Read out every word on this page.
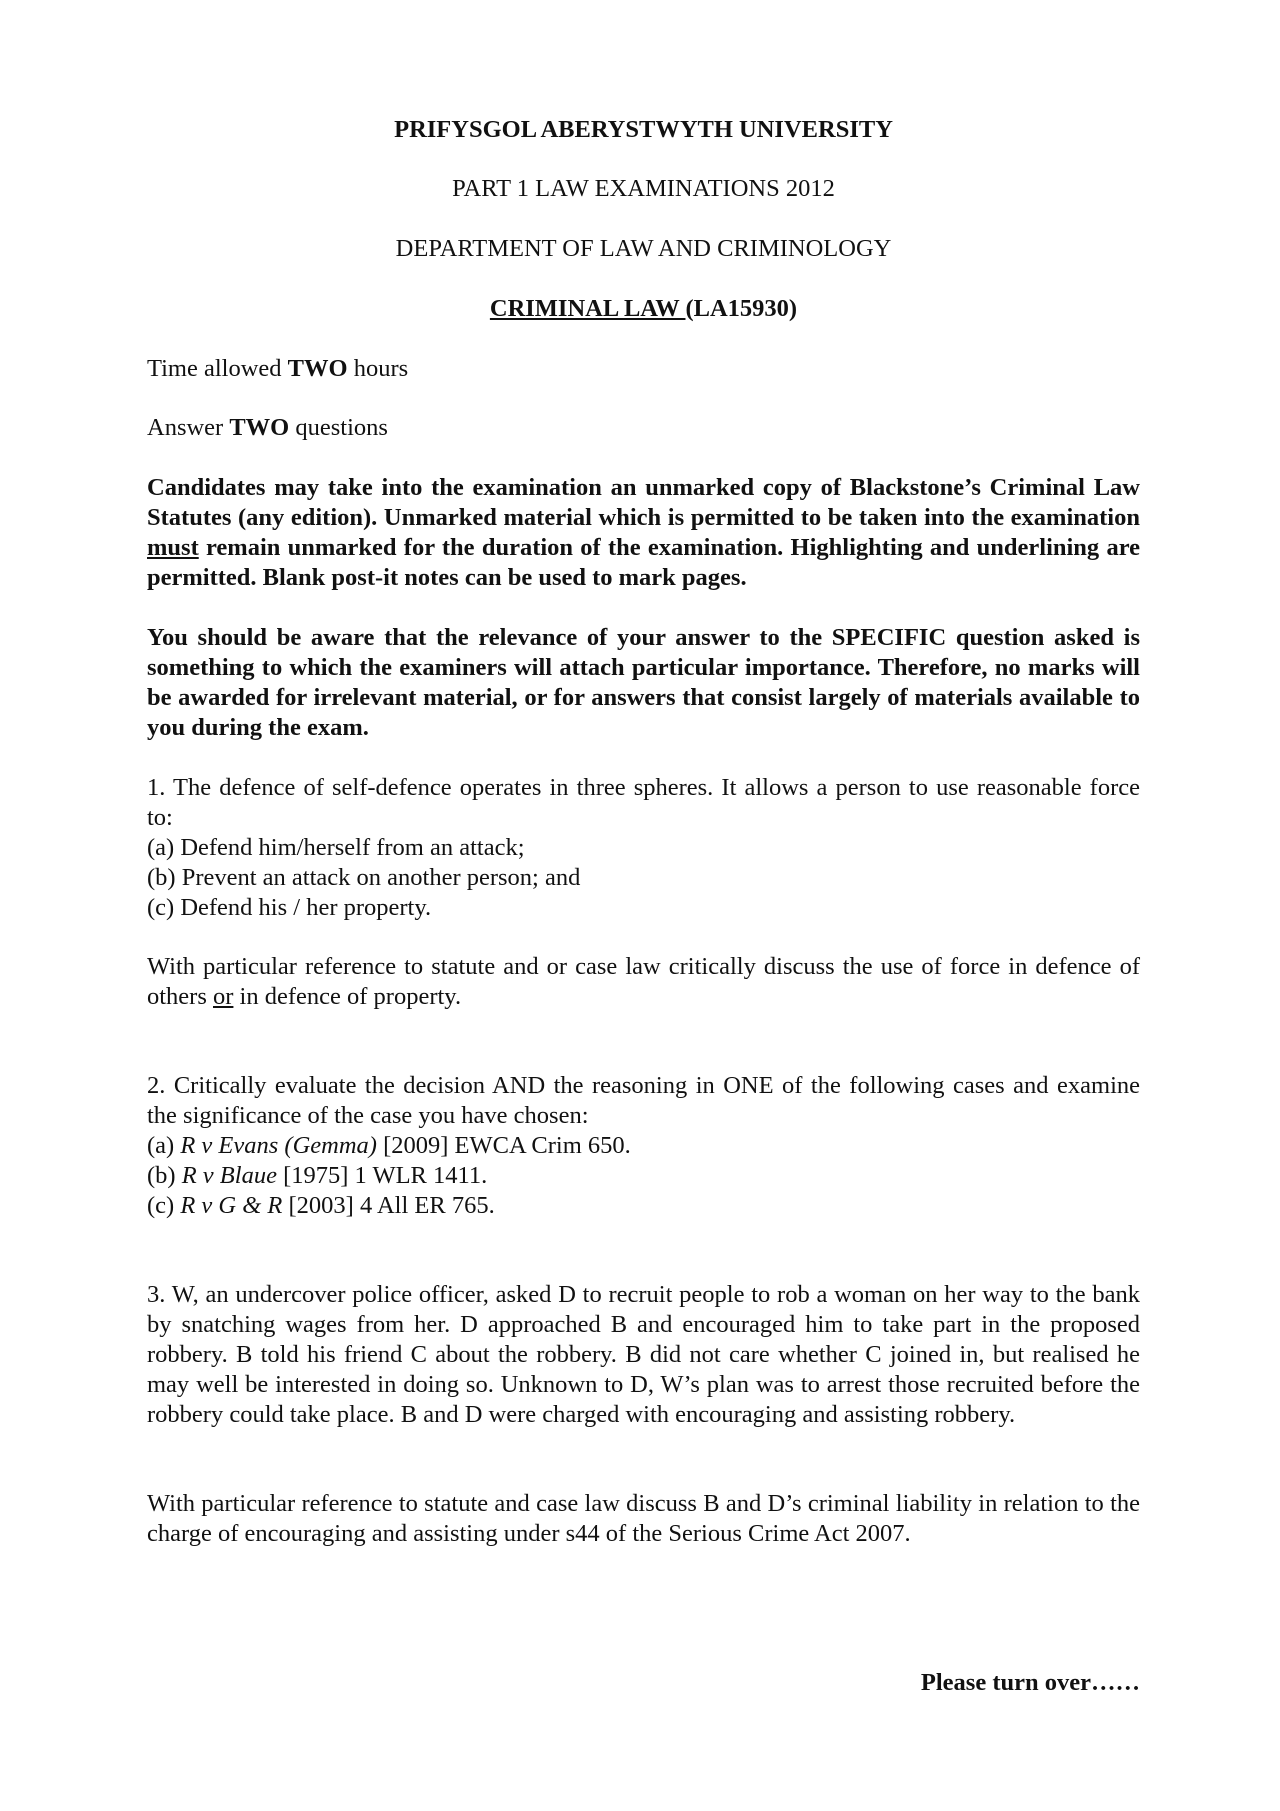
PRIFYSGOL ABERYSTWYTH UNIVERSITY
PART 1 LAW EXAMINATIONS 2012
DEPARTMENT OF LAW AND CRIMINOLOGY
CRIMINAL LAW (LA15930)
Time allowed TWO hours
Answer TWO questions
Candidates may take into the examination an unmarked copy of Blackstone’s Criminal Law Statutes (any edition). Unmarked material which is permitted to be taken into the examination must remain unmarked for the duration of the examination. Highlighting and underlining are permitted. Blank post-it notes can be used to mark pages.
You should be aware that the relevance of your answer to the SPECIFIC question asked is something to which the examiners will attach particular importance. Therefore, no marks will be awarded for irrelevant material, or for answers that consist largely of materials available to you during the exam.
1. The defence of self-defence operates in three spheres. It allows a person to use reasonable force to:
(a) Defend him/herself from an attack;
(b) Prevent an attack on another person; and
(c) Defend his / her property.
With particular reference to statute and or case law critically discuss the use of force in defence of others or in defence of property.
2. Critically evaluate the decision AND the reasoning in ONE of the following cases and examine the significance of the case you have chosen:
(a) R v Evans (Gemma) [2009] EWCA Crim 650.
(b) R v Blaue [1975] 1 WLR 1411.
(c) R v G & R [2003] 4 All ER 765.
3. W, an undercover police officer, asked D to recruit people to rob a woman on her way to the bank by snatching wages from her. D approached B and encouraged him to take part in the proposed robbery. B told his friend C about the robbery. B did not care whether C joined in, but realised he may well be interested in doing so. Unknown to D, W’s plan was to arrest those recruited before the robbery could take place. B and D were charged with encouraging and assisting robbery.
With particular reference to statute and case law discuss B and D’s criminal liability in relation to the charge of encouraging and assisting under s44 of the Serious Crime Act 2007.
Please turn over……
